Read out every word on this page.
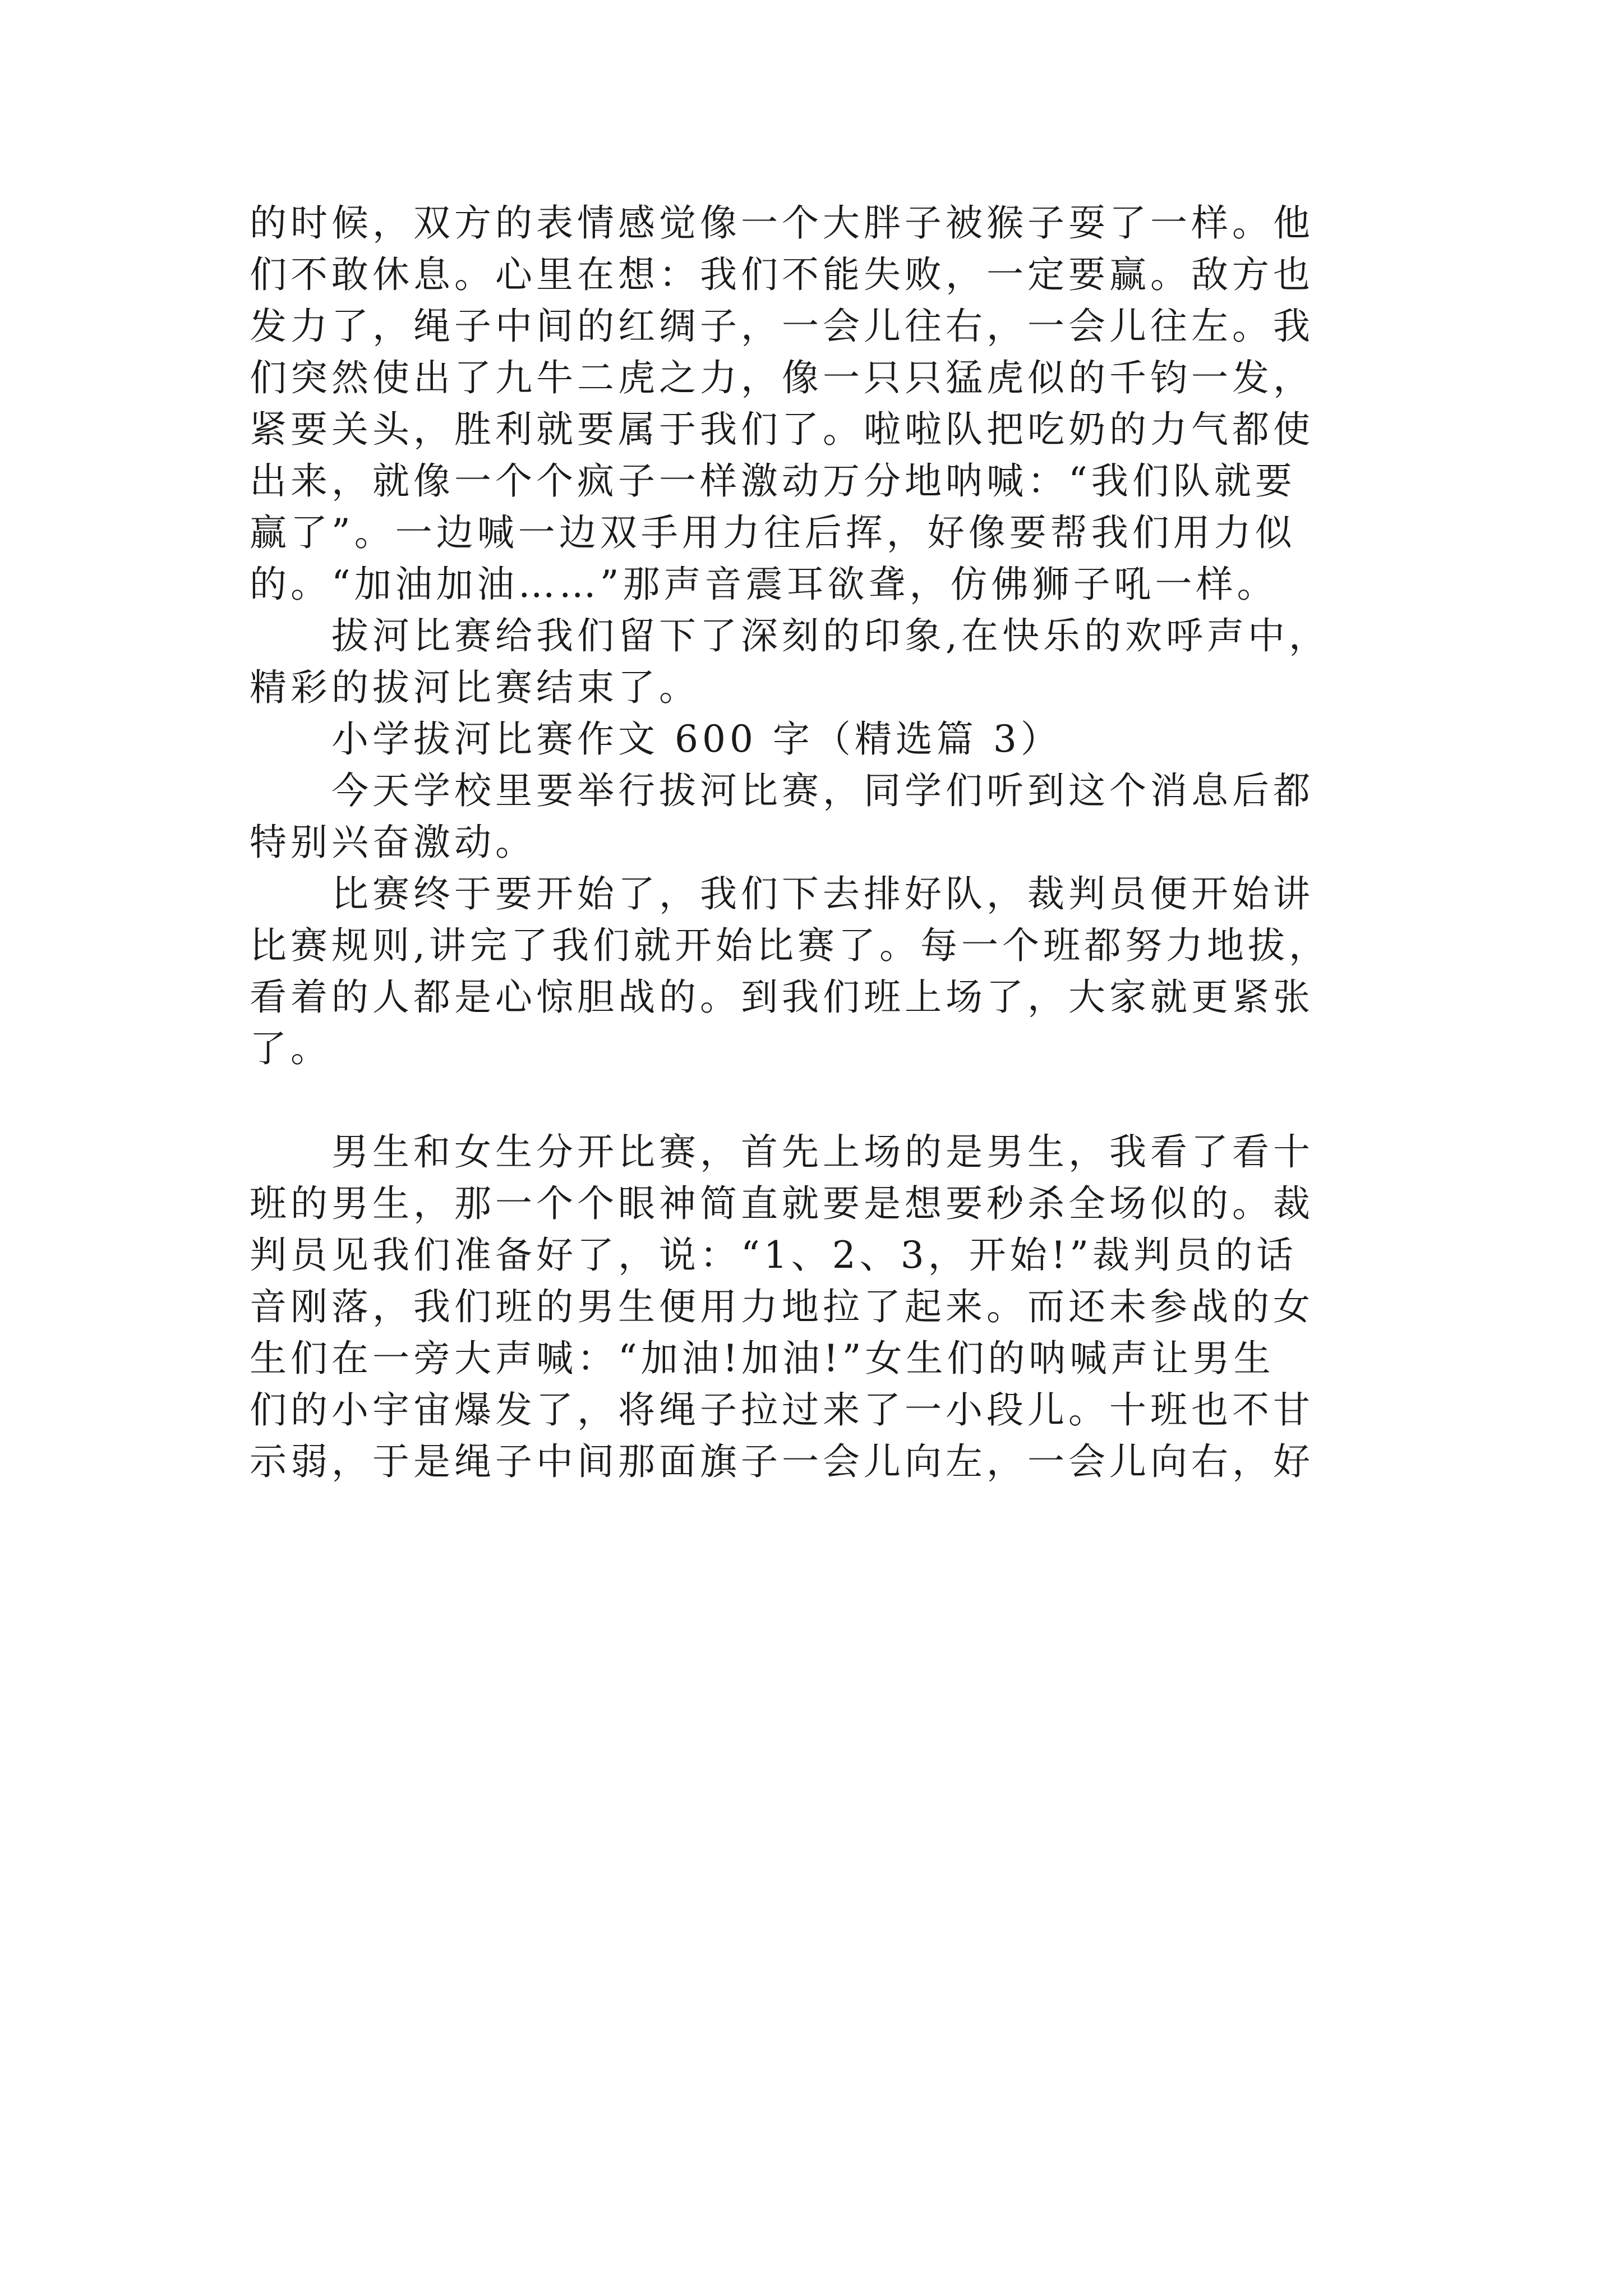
的时候，双方的表情感觉像一个大胖子被猴子耍了一样。他
们不敢休息。心里在想：我们不能失败，一定要赢。敌方也
发力了，绳子中间的红绸子，一会儿往右，一会儿往左。我
们突然使出了九牛二虎之力，像一只只猛虎似的千钧一发，
紧要关头，胜利就要属于我们了。啦啦队把吃奶的力气都使
出来，就像一个个疯子一样激动万分地呐喊：“我们队就要
赢了”。一边喊一边双手用力往后挥，好像要帮我们用力似
的。“加油加油……”那声音震耳欲聋，仿佛狮子吼一样。
拔河比赛给我们留下了深刻的印象,在快乐的欢呼声中，
精彩的拔河比赛结束了。
小学拔河比赛作文 600 字（精选篇 3）
今天学校里要举行拔河比赛，同学们听到这个消息后都
特别兴奋激动。
比赛终于要开始了，我们下去排好队，裁判员便开始讲
比赛规则,讲完了我们就开始比赛了。每一个班都努力地拔，
看着的人都是心惊胆战的。到我们班上场了，大家就更紧张
了。
男生和女生分开比赛，首先上场的是男生，我看了看十
班的男生，那一个个眼神简直就要是想要秒杀全场似的。裁
判员见我们准备好了，说：“1、2、3，开始!”裁判员的话
音刚落，我们班的男生便用力地拉了起来。而还未参战的女
生们在一旁大声喊：“加油!加油!”女生们的呐喊声让男生
们的小宇宙爆发了，将绳子拉过来了一小段儿。十班也不甘
示弱，于是绳子中间那面旗子一会儿向左，一会儿向右，好
